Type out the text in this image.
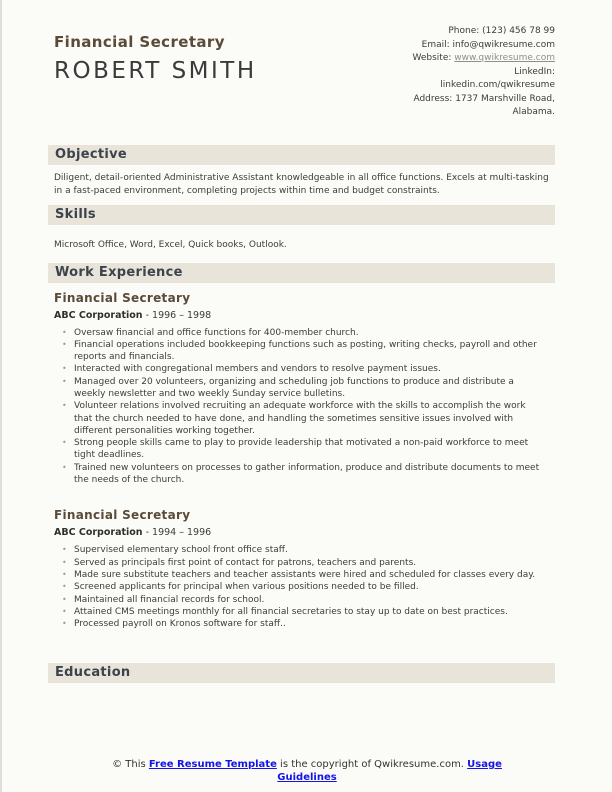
Financial Secretary
ROBERT SMITH
Phone: (123) 456 78 99
Email: info@qwikresume.com
Website: www.qwikresume.com
LinkedIn:
linkedin.com/qwikresume
Address: 1737 Marshville Road,
Alabama.
Objective

Diligent, detail-oriented Administrative Assistant knowledgeable in all office functions. Excels at multi-tasking in a fast-paced environment, completing projects within time and budget constraints.

Skills

Microsoft Office, Word, Excel, Quick books, Outlook.

Work Experience
Financial Secretary
ABC Corporation - 1996 – 1998
• Oversaw financial and office functions for 400-member church.
• Financial operations included bookkeeping functions such as posting, writing checks, payroll and other reports and financials.
• Interacted with congregational members and vendors to resolve payment issues.
• Managed over 20 volunteers, organizing and scheduling job functions to produce and distribute a weekly newsletter and two weekly Sunday service bulletins.
• Volunteer relations involved recruiting an adequate workforce with the skills to accomplish the work that the church needed to have done, and handling the sometimes sensitive issues involved with different personalities working together.
• Strong people skills came to play to provide leadership that motivated a non-paid workforce to meet tight deadlines.
• Trained new volunteers on processes to gather information, produce and distribute documents to meet the needs of the church.
Financial Secretary
ABC Corporation - 1994 – 1996
• Supervised elementary school front office staff.
• Served as principals first point of contact for patrons, teachers and parents.
• Made sure substitute teachers and teacher assistants were hired and scheduled for classes every day.
• Screened applicants for principal when various positions needed to be filled.
• Maintained all financial records for school.
• Attained CMS meetings monthly for all financial secretaries to stay up to date on best practices.
• Processed payroll on Kronos software for staff..
Education
© This Free Resume Template is the copyright of Qwikresume.com. Usage Guidelines
